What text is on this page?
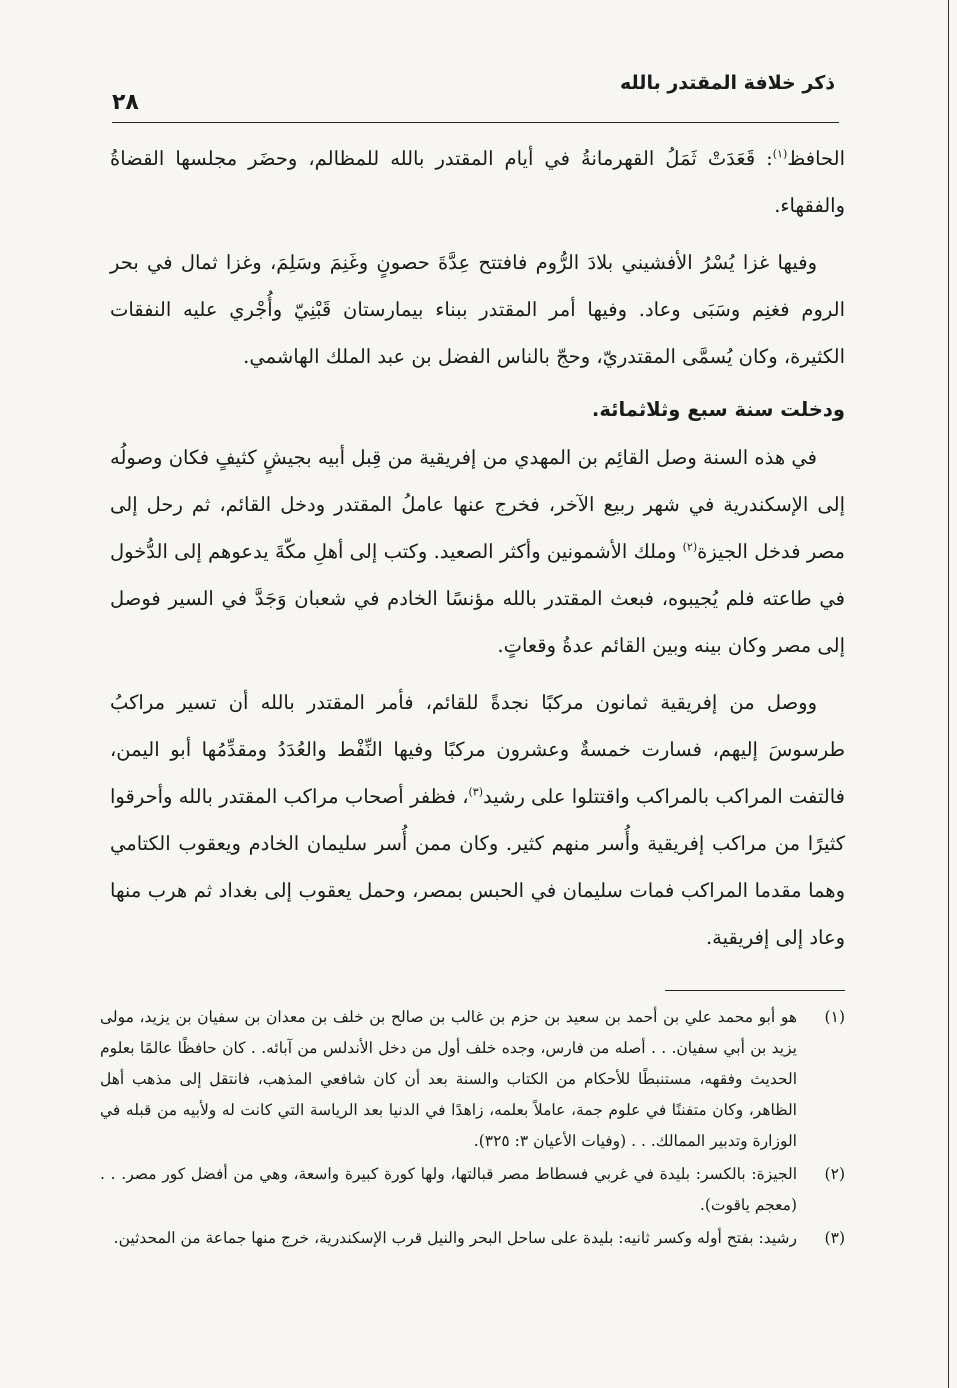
ذكر خلافة المقتدر بالله
٢٨

الحافظ$^{(١)}$: قَعَدَتْ ثَمَلُ القهرمانةُ في أيام المقتدر بالله للمظالم، وحضَر مجلسها القضاةُ والفقهاء.

وفيها غزا يُسْرُ الأفشيني بلادَ الرُّوم فافتتح عِدَّةَ حصونٍ وغَنِمَ وسَلِمَ، وغزا ثمال في بحر الروم فغنِم وسَبَى وعاد. وفيها أمر المقتدر ببناء بيمارستان قَبْنِيّ وأُجْري عليه النفقات الكثيرة، وكان يُسمَّى المقتدريّ، وحجّ بالناس الفضل بن عبد الملك الهاشمي.

ودخلت سنة سبع وثلاثمائة.

في هذه السنة وصل القائِم بن المهدي من إفريقية من قِبل أبيه بجيشٍ كثيفٍ فكان وصولُه إلى الإسكندرية في شهر ربيع الآخر، فخرج عنها عاملُ المقتدر ودخل القائم، ثم رحل إلى مصر فدخل الجيزة$^{(٢)}$ وملك الأشمونين وأكثر الصعيد. وكتب إلى أهلِ مكّةَ يدعوهم إلى الدُّخول في طاعته فلم يُجيبوه، فبعث المقتدر بالله مؤنسًا الخادم في شعبان وَجَدَّ في السير فوصل إلى مصر وكان بينه وبين القائم عدةُ وقعاتٍ.

ووصل من إفريقية ثمانون مركبًا نجدةً للقائم، فأمر المقتدر بالله أن تسير مراكبُ طرسوسَ إليهم، فسارت خمسةٌ وعشرون مركبًا وفيها النِّفْط والعُدَدُ ومقدِّمُها أبو اليمن، فالتفت المراكب بالمراكب واقتتلوا على رشيد$^{(٣)}$، فظفر أصحاب مراكب المقتدر بالله وأحرقوا كثيرًا من مراكب إفريقية وأُسر منهم كثير. وكان ممن أُسر سليمان الخادم ويعقوب الكتامي وهما مقدما المراكب فمات سليمان في الحبس بمصر، وحمل يعقوب إلى بغداد ثم هرب منها وعاد إلى إفريقية.

(١)
هو أبو محمد علي بن أحمد بن سعيد بن حزم بن غالب بن صالح بن خلف بن معدان بن سفيان بن يزيد، مولى يزيد بن أبي سفيان. . . أصله من فارس، وجده خلف أول من دخل الأندلس من آبائه. . كان حافظًا عالمًا بعلوم الحديث وفقهه، مستنبطًا للأحكام من الكتاب والسنة بعد أن كان شافعي المذهب، فانتقل إلى مذهب أهل الظاهر، وكان متفننًا في علوم جمة، عاملاً بعلمه، زاهدًا في الدنيا بعد الرياسة التي كانت له ولأبيه من قبله في الوزارة وتدبير الممالك. . . (وفيات الأعيان ٣: ٣٢٥).
(٢)
الجيزة: بالكسر: بليدة في غربي فسطاط مصر قبالتها، ولها كورة كبيرة واسعة، وهي من أفضل كور مصر. . . (معجم ياقوت).
(٣)
رشيد: بفتح أوله وكسر ثانيه: بليدة على ساحل البحر والنيل قرب الإسكندرية، خرج منها جماعة من المحدثين.
